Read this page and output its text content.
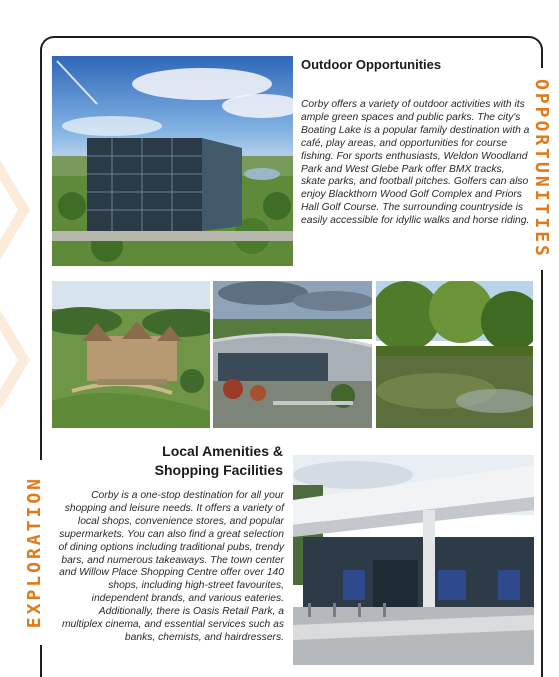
OPPORTUNITIES
EXPLORATION
Outdoor Opportunities
Corby offers a variety of outdoor activities with its ample green spaces and public parks. The city's Boating Lake is a popular family destination with a café, play areas, and opportunities for course fishing. For sports enthusiasts, Weldon Woodland Park and West Glebe Park offer BMX tracks, skate parks, and football pitches. Golfers can also enjoy Blackthorn Wood Golf Complex and Priors Hall Golf Course. The surrounding countryside is easily accessible for idyllic walks and horse riding.
Local Amenities &
Shopping Facilities
Corby is a one-stop destination for all your shopping and leisure needs. It offers a variety of local shops, convenience stores, and popular supermarkets. You can also find a great selection of dining options including traditional pubs, trendy bars, and numerous takeaways. The town center and Willow Place Shopping Centre offer over 140 shops, including high-street favourites, independent brands, and various eateries. Additionally, there is Oasis Retail Park, a multiplex cinema, and essential services such as banks, chemists, and hairdressers.
